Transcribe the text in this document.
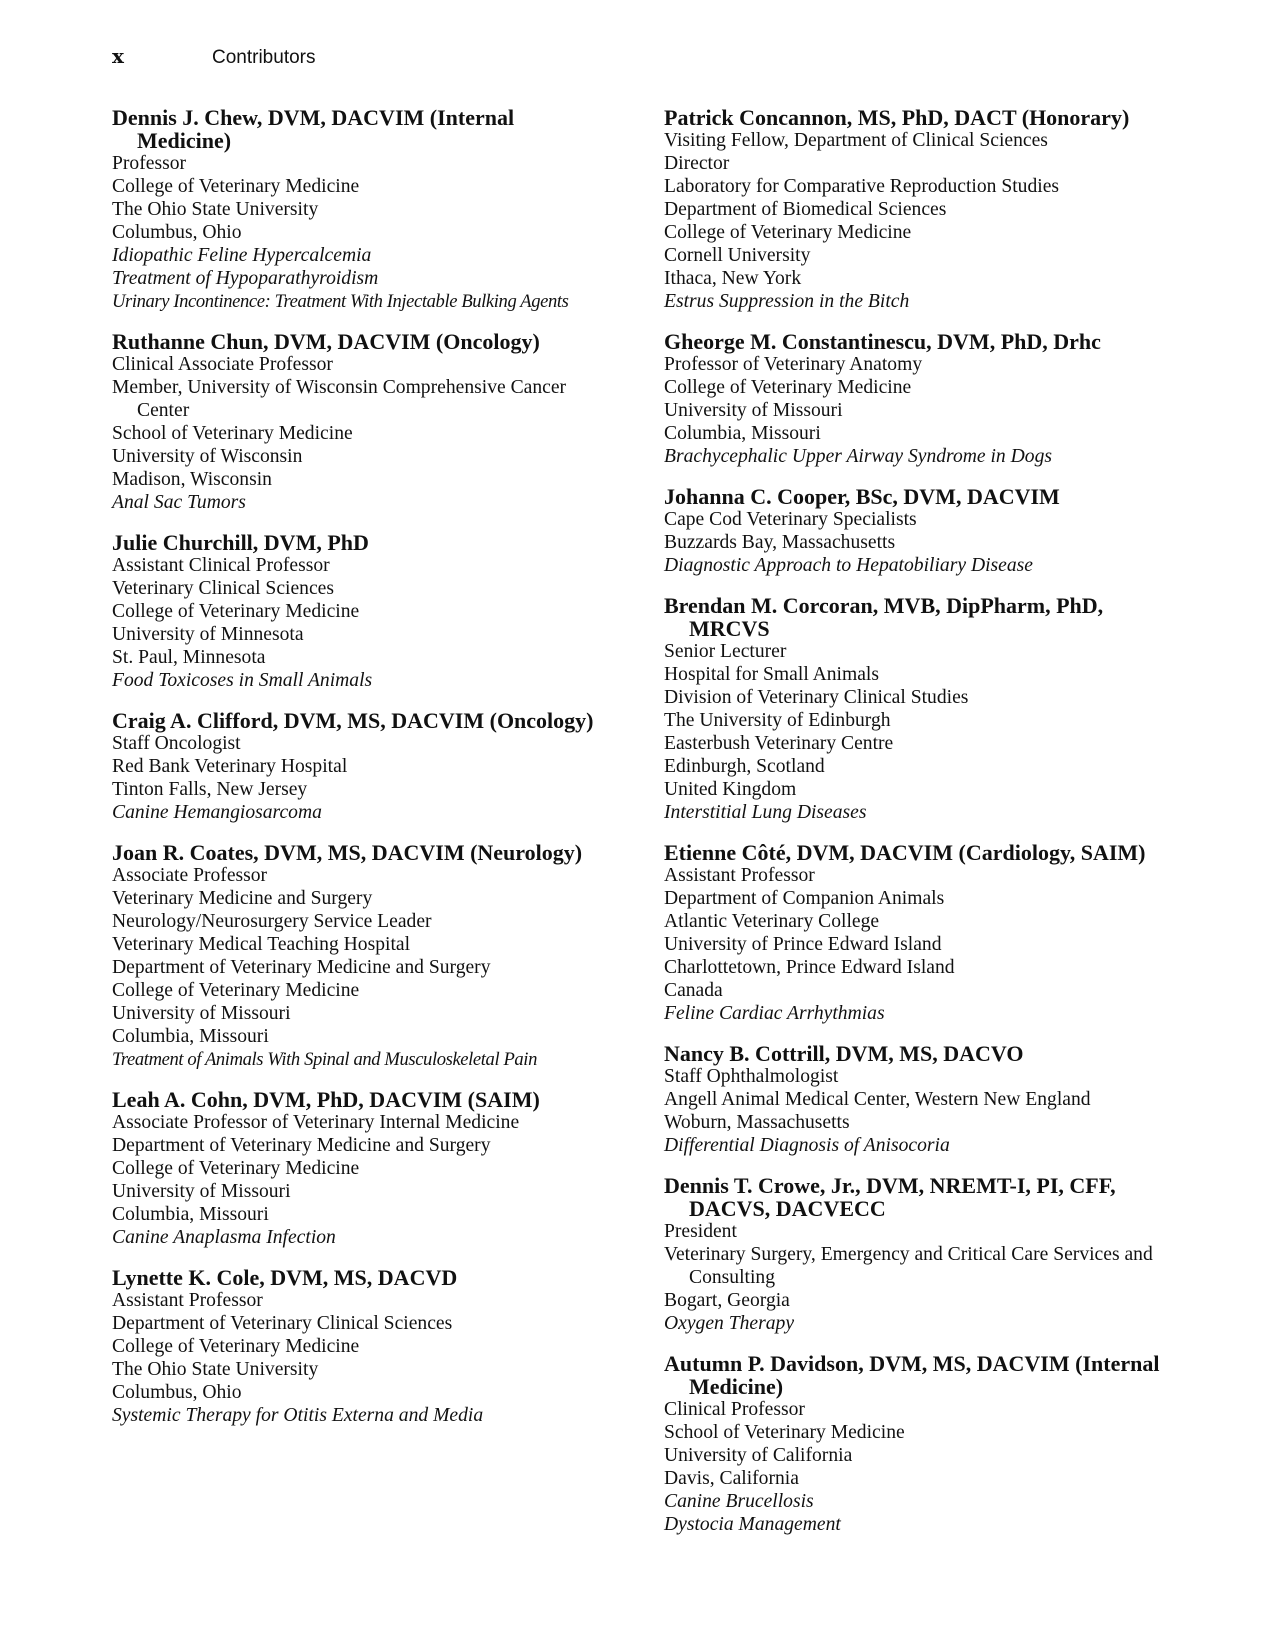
x	Contributors
Dennis J. Chew, DVM, DACVIM (Internal Medicine)
Professor
College of Veterinary Medicine
The Ohio State University
Columbus, Ohio
Idiopathic Feline Hypercalcemia
Treatment of Hypoparathyroidism
Urinary Incontinence: Treatment With Injectable Bulking Agents
Ruthanne Chun, DVM, DACVIM (Oncology)
Clinical Associate Professor
Member, University of Wisconsin Comprehensive Cancer Center
School of Veterinary Medicine
University of Wisconsin
Madison, Wisconsin
Anal Sac Tumors
Julie Churchill, DVM, PhD
Assistant Clinical Professor
Veterinary Clinical Sciences
College of Veterinary Medicine
University of Minnesota
St. Paul, Minnesota
Food Toxicoses in Small Animals
Craig A. Clifford, DVM, MS, DACVIM (Oncology)
Staff Oncologist
Red Bank Veterinary Hospital
Tinton Falls, New Jersey
Canine Hemangiosarcoma
Joan R. Coates, DVM, MS, DACVIM (Neurology)
Associate Professor
Veterinary Medicine and Surgery
Neurology/Neurosurgery Service Leader
Veterinary Medical Teaching Hospital
Department of Veterinary Medicine and Surgery
College of Veterinary Medicine
University of Missouri
Columbia, Missouri
Treatment of Animals With Spinal and Musculoskeletal Pain
Leah A. Cohn, DVM, PhD, DACVIM (SAIM)
Associate Professor of Veterinary Internal Medicine
Department of Veterinary Medicine and Surgery
College of Veterinary Medicine
University of Missouri
Columbia, Missouri
Canine Anaplasma Infection
Lynette K. Cole, DVM, MS, DACVD
Assistant Professor
Department of Veterinary Clinical Sciences
College of Veterinary Medicine
The Ohio State University
Columbus, Ohio
Systemic Therapy for Otitis Externa and Media
Patrick Concannon, MS, PhD, DACT (Honorary)
Visiting Fellow, Department of Clinical Sciences
Director
Laboratory for Comparative Reproduction Studies
Department of Biomedical Sciences
College of Veterinary Medicine
Cornell University
Ithaca, New York
Estrus Suppression in the Bitch
Gheorge M. Constantinescu, DVM, PhD, Drhc
Professor of Veterinary Anatomy
College of Veterinary Medicine
University of Missouri
Columbia, Missouri
Brachycephalic Upper Airway Syndrome in Dogs
Johanna C. Cooper, BSc, DVM, DACVIM
Cape Cod Veterinary Specialists
Buzzards Bay, Massachusetts
Diagnostic Approach to Hepatobiliary Disease
Brendan M. Corcoran, MVB, DipPharm, PhD, MRCVS
Senior Lecturer
Hospital for Small Animals
Division of Veterinary Clinical Studies
The University of Edinburgh
Easterbush Veterinary Centre
Edinburgh, Scotland
United Kingdom
Interstitial Lung Diseases
Etienne Côté, DVM, DACVIM (Cardiology, SAIM)
Assistant Professor
Department of Companion Animals
Atlantic Veterinary College
University of Prince Edward Island
Charlottetown, Prince Edward Island
Canada
Feline Cardiac Arrhythmias
Nancy B. Cottrill, DVM, MS, DACVO
Staff Ophthalmologist
Angell Animal Medical Center, Western New England
Woburn, Massachusetts
Differential Diagnosis of Anisocoria
Dennis T. Crowe, Jr., DVM, NREMT-I, PI, CFF, DACVS, DACVECC
President
Veterinary Surgery, Emergency and Critical Care Services and Consulting
Bogart, Georgia
Oxygen Therapy
Autumn P. Davidson, DVM, MS, DACVIM (Internal Medicine)
Clinical Professor
School of Veterinary Medicine
University of California
Davis, California
Canine Brucellosis
Dystocia Management
